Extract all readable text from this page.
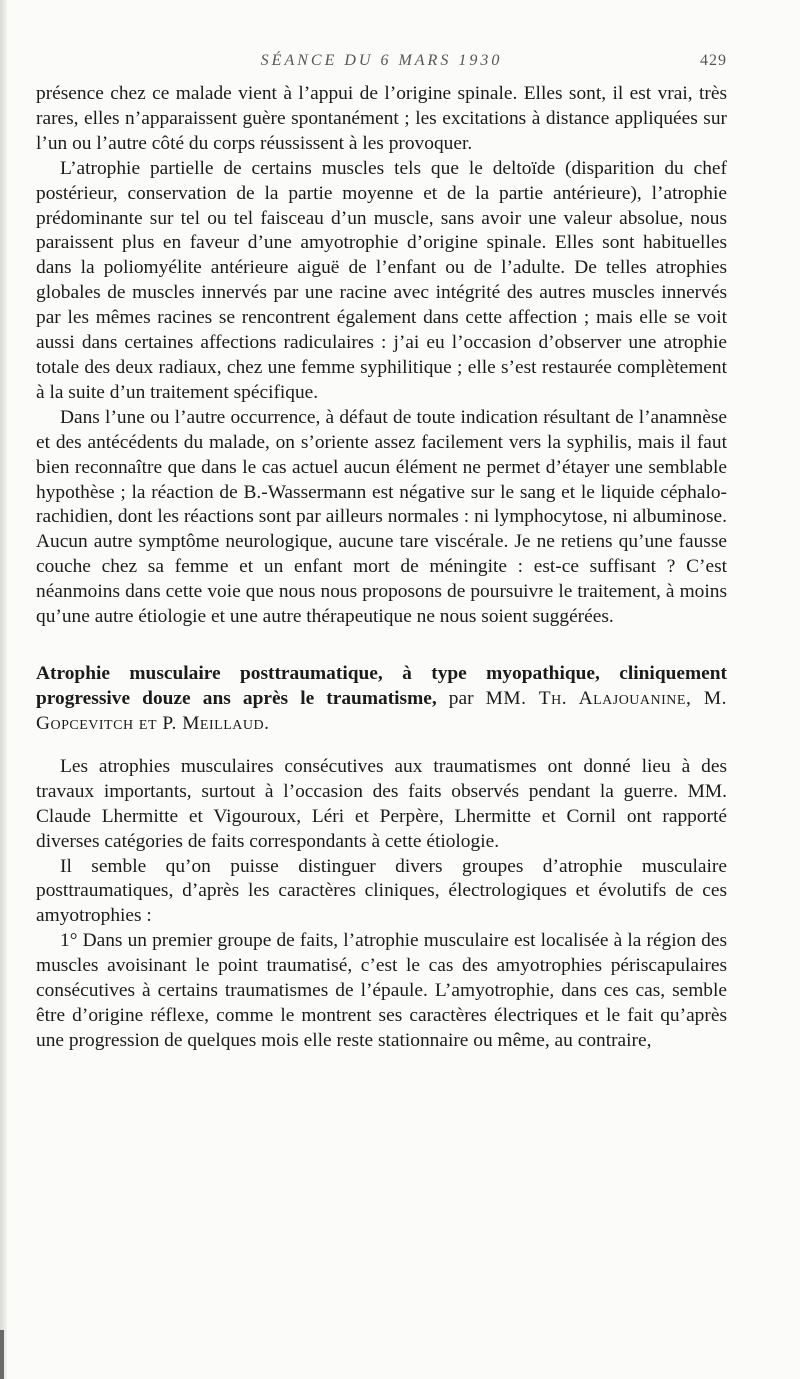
SÉANCE DU 6 MARS 1930	429

présence chez ce malade vient à l’appui de l’origine spinale. Elles sont, il est vrai, très rares, elles n’apparaissent guère spontanément ; les excitations à distance appliquées sur l’un ou l’autre côté du corps réussissent à les provoquer.

L’atrophie partielle de certains muscles tels que le deltoïde (disparition du chef postérieur, conservation de la partie moyenne et de la partie antérieure), l’atrophie prédominante sur tel ou tel faisceau d’un muscle, sans avoir une valeur absolue, nous paraissent plus en faveur d’une amyotrophie d’origine spinale. Elles sont habituelles dans la poliomyélite antérieure aiguë de l’enfant ou de l’adulte. De telles atrophies globales de muscles innervés par une racine avec intégrité des autres muscles innervés par les mêmes racines se rencontrent également dans cette affection ; mais elle se voit aussi dans certaines affections radiculaires : j’ai eu l’occasion d’observer une atrophie totale des deux radiaux, chez une femme syphilitique ; elle s’est restaurée complètement à la suite d’un traitement spécifique.

Dans l’une ou l’autre occurrence, à défaut de toute indication résultant de l’anamnèse et des antécédents du malade, on s’oriente assez facilement vers la syphilis, mais il faut bien reconnaître que dans le cas actuel aucun élément ne permet d’étayer une semblable hypothèse ; la réaction de B.-Wassermann est négative sur le sang et le liquide céphalo-rachidien, dont les réactions sont par ailleurs normales : ni lymphocytose, ni albuminose. Aucun autre symptôme neurologique, aucune tare viscérale. Je ne retiens qu’une fausse couche chez sa femme et un enfant mort de méningite : est-ce suffisant ? C’est néanmoins dans cette voie que nous nous proposons de poursuivre le traitement, à moins qu’une autre étiologie et une autre thérapeutique ne nous soient suggérées.

Atrophie musculaire posttraumatique, à type myopathique, cliniquement progressive douze ans après le traumatisme, par MM. Th. Alajouanine, M. Gopcevitch et P. Meillaud.

Les atrophies musculaires consécutives aux traumatismes ont donné lieu à des travaux importants, surtout à l’occasion des faits observés pendant la guerre. MM. Claude Lhermitte et Vigouroux, Léri et Perpère, Lhermitte et Cornil ont rapporté diverses catégories de faits correspondants à cette étiologie.

Il semble qu’on puisse distinguer divers groupes d’atrophie musculaire posttraumatiques, d’après les caractères cliniques, électrologiques et évolutifs de ces amyotrophies :

1° Dans un premier groupe de faits, l’atrophie musculaire est localisée à la région des muscles avoisinant le point traumatisé, c’est le cas des amyotrophies périscapulaires consécutives à certains traumatismes de l’épaule. L’amyotrophie, dans ces cas, semble être d’origine réflexe, comme le montrent ses caractères électriques et le fait qu’après une progression de quelques mois elle reste stationnaire ou même, au contraire,
